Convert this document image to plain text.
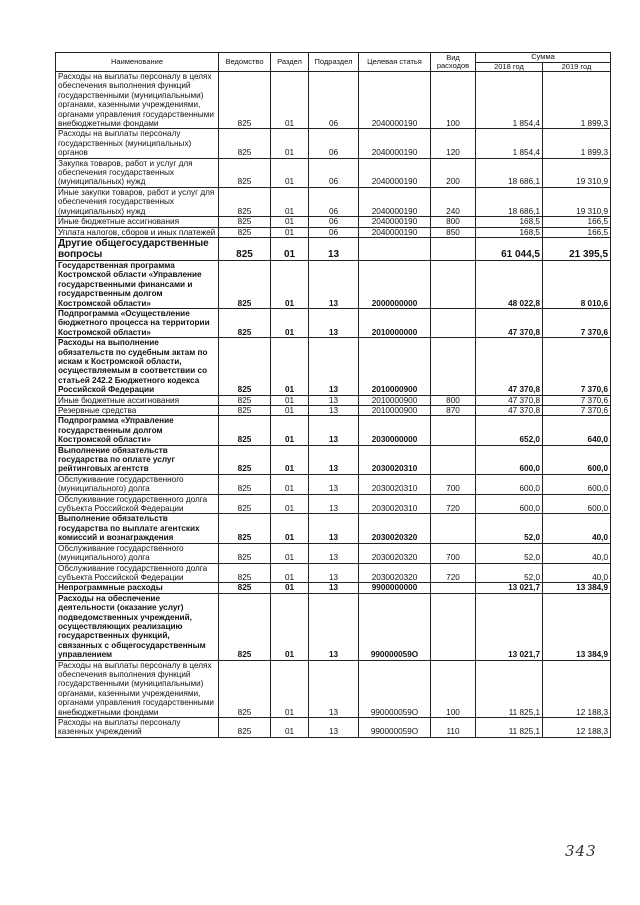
Наименование	Ведомство	Раздел	Подраздел	Целевая статья	Вид расходов	Сумма	
						2018 год	2019 год
Расходы на выплаты персоналу в целях обеспечения выполнения функций государственными (муниципальными) органами, казенными учреждениями, органами управления государственными внебюджетными фондами	825	01	06	2040000190	100	1 854,4	1 899,3
Расходы на выплаты персоналу государственных (муниципальных) органов	825	01	06	2040000190	120	1 854,4	1 899,3
Закупка товаров, работ и услуг для обеспечения государственных (муниципальных) нужд	825	01	06	2040000190	200	18 686,1	19 310,9
Иные закупки товаров, работ и услуг для обеспечения государственных (муниципальных) нужд	825	01	06	2040000190	240	18 686,1	19 310,9
Иные бюджетные ассигнования	825	01	06	2040000190	800	168,5	166,5
Уплата налогов, сборов и иных платежей	825	01	06	2040000190	850	168,5	166,5
Другие общегосударственные вопросы	825	01	13			61 044,5	21 395,5
Государственная программа Костромской области «Управление государственными финансами и государственным долгом Костромской области»	825	01	13	2000000000		48 022,8	8 010,6
Подпрограмма «Осуществление бюджетного процесса на территории Костромской области»	825	01	13	2010000000		47 370,8	7 370,6
Расходы на выполнение обязательств по судебным актам по искам к Костромской области, осуществляемым в соответствии со статьей 242.2 Бюджетного кодекса Российской Федерации	825	01	13	2010000900		47 370,8	7 370,6
Иные бюджетные ассигнования	825	01	13	2010000900	800	47 370,8	7 370,6
Резервные средства	825	01	13	2010000900	870	47 370,8	7 370,6
Подпрограмма «Управление государственным долгом Костромской области»	825	01	13	2030000000		652,0	640,0
Выполнение обязательств государства по оплате услуг рейтинговых агентств	825	01	13	2030020310		600,0	600,0
Обслуживание государственного (муниципального) долга	825	01	13	2030020310	700	600,0	600,0
Обслуживание государственного долга субъекта Российской Федерации	825	01	13	2030020310	720	600,0	600,0
Выполнение обязательств государства по выплате агентских комиссий и вознаграждения	825	01	13	2030020320		52,0	40,0
Обслуживание государственного (муниципального) долга	825	01	13	2030020320	700	52,0	40,0
Обслуживание государственного долга субъекта Российской Федерации	825	01	13	2030020320	720	52,0	40,0
Непрограммные расходы	825	01	13	9900000000		13 021,7	13 384,9
Расходы на обеспечение деятельности (оказание услуг) подведомственных учреждений, осуществляющих реализацию государственных функций, связанных с общегосударственным управлением	825	01	13	990000059О		13 021,7	13 384,9
Расходы на выплаты персоналу в целях обеспечения выполнения функций государственными (муниципальными) органами, казенными учреждениями, органами управления государственными внебюджетными фондами	825	01	13	990000059О	100	11 825,1	12 188,3
Расходы на выплаты персоналу казенных учреждений	825	01	13	990000059О	110	11 825,1	12 188,3
343
